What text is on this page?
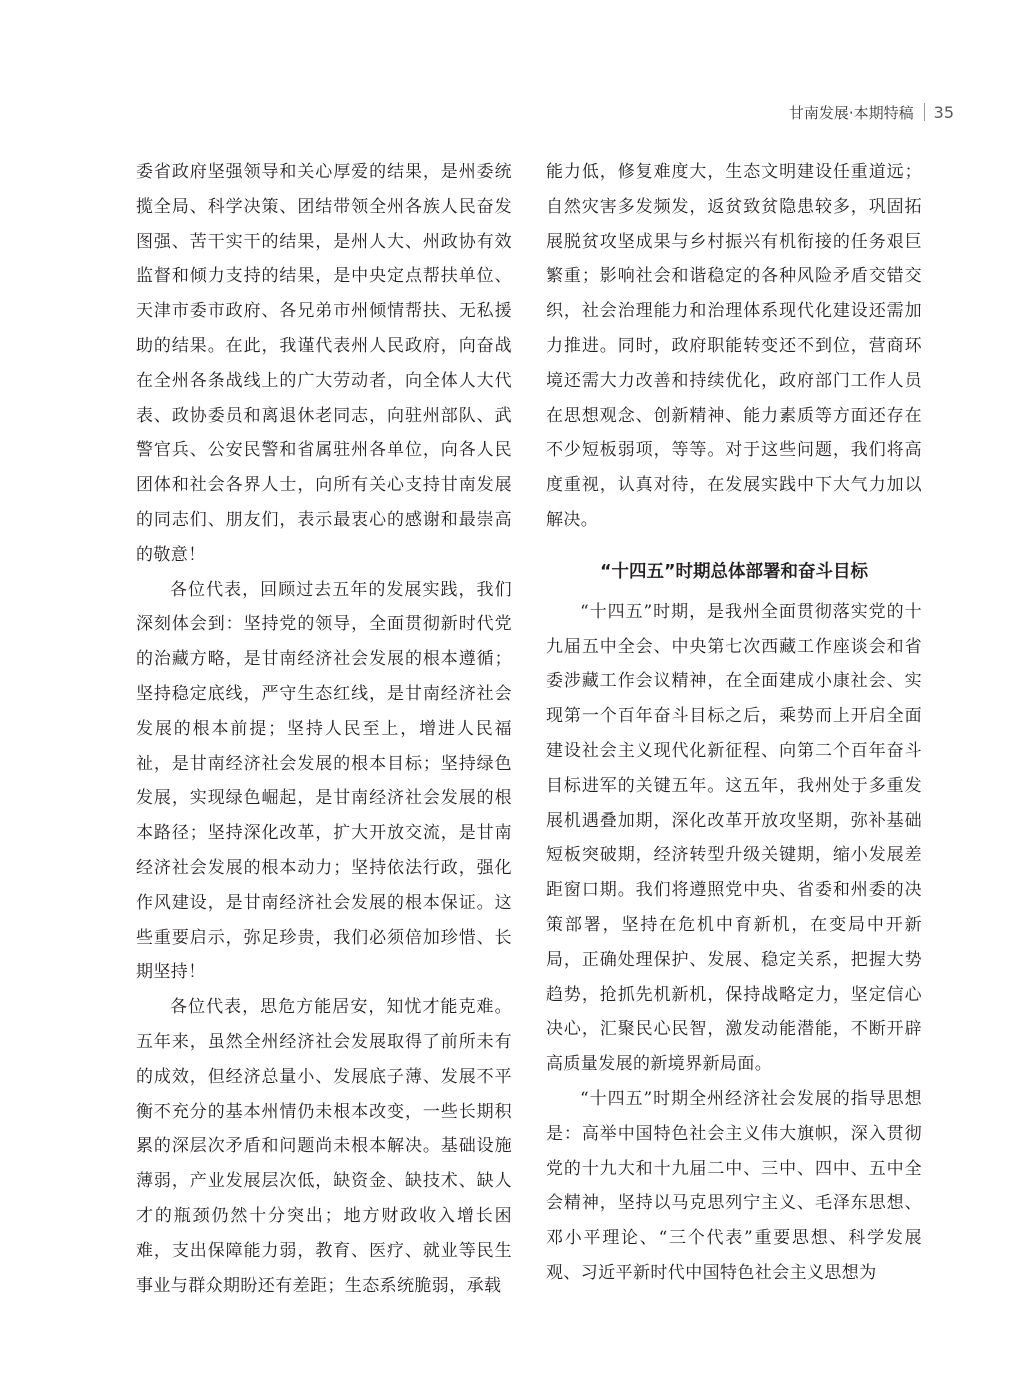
甘南发展·本期特稿 35

委省政府坚强领导和关心厚爱的结果，是州委统揽全局、科学决策、团结带领全州各族人民奋发图强、苦干实干的结果，是州人大、州政协有效监督和倾力支持的结果，是中央定点帮扶单位、天津市委市政府、各兄弟市州倾情帮扶、无私援助的结果。在此，我谨代表州人民政府，向奋战在全州各条战线上的广大劳动者，向全体人大代表、政协委员和离退休老同志，向驻州部队、武警官兵、公安民警和省属驻州各单位，向各人民团体和社会各界人士，向所有关心支持甘南发展的同志们、朋友们，表示最衷心的感谢和最崇高的敬意！

各位代表，回顾过去五年的发展实践，我们深刻体会到：坚持党的领导，全面贯彻新时代党的治藏方略，是甘南经济社会发展的根本遵循；坚持稳定底线，严守生态红线，是甘南经济社会发展的根本前提；坚持人民至上，增进人民福祉，是甘南经济社会发展的根本目标；坚持绿色发展，实现绿色崛起，是甘南经济社会发展的根本路径；坚持深化改革，扩大开放交流，是甘南经济社会发展的根本动力；坚持依法行政，强化作风建设，是甘南经济社会发展的根本保证。这些重要启示，弥足珍贵，我们必须倍加珍惜、长期坚持！

各位代表，思危方能居安，知忧才能克难。五年来，虽然全州经济社会发展取得了前所未有的成效，但经济总量小、发展底子薄、发展不平衡不充分的基本州情仍未根本改变，一些长期积累的深层次矛盾和问题尚未根本解决。基础设施薄弱，产业发展层次低，缺资金、缺技术、缺人才的瓶颈仍然十分突出；地方财政收入增长困难，支出保障能力弱，教育、医疗、就业等民生事业与群众期盼还有差距；生态系统脆弱，承载

能力低，修复难度大，生态文明建设任重道远；自然灾害多发频发，返贫致贫隐患较多，巩固拓展脱贫攻坚成果与乡村振兴有机衔接的任务艰巨繁重；影响社会和谐稳定的各种风险矛盾交错交织，社会治理能力和治理体系现代化建设还需加力推进。同时，政府职能转变还不到位，营商环境还需大力改善和持续优化，政府部门工作人员在思想观念、创新精神、能力素质等方面还存在不少短板弱项，等等。对于这些问题，我们将高度重视，认真对待，在发展实践中下大气力加以解决。

“十四五”时期总体部署和奋斗目标

“十四五”时期，是我州全面贯彻落实党的十九届五中全会、中央第七次西藏工作座谈会和省委涉藏工作会议精神，在全面建成小康社会、实现第一个百年奋斗目标之后，乘势而上开启全面建设社会主义现代化新征程、向第二个百年奋斗目标进军的关键五年。这五年，我州处于多重发展机遇叠加期，深化改革开放攻坚期，弥补基础短板突破期，经济转型升级关键期，缩小发展差距窗口期。我们将遵照党中央、省委和州委的决策部署，坚持在危机中育新机，在变局中开新局，正确处理保护、发展、稳定关系，把握大势趋势，抢抓先机新机，保持战略定力，坚定信心决心，汇聚民心民智，激发动能潜能，不断开辟高质量发展的新境界新局面。

“十四五”时期全州经济社会发展的指导思想是：高举中国特色社会主义伟大旗帜，深入贯彻党的十九大和十九届二中、三中、四中、五中全会精神，坚持以马克思列宁主义、毛泽东思想、邓小平理论、“三个代表”重要思想、科学发展观、习近平新时代中国特色社会主义思想为
